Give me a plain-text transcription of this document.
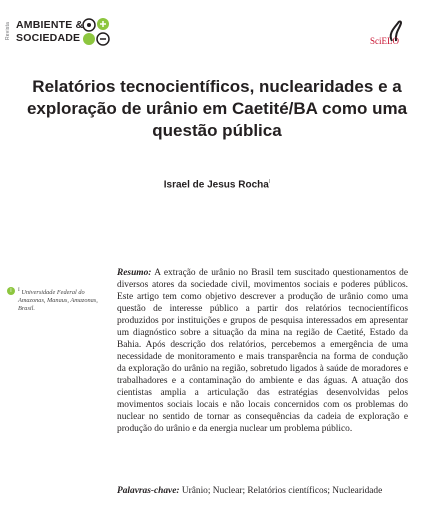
Revista AMBIENTE &
SOCIEDADE	SciELO
Relatórios tecnocientíficos, nuclearidades e a exploração de urânio em Caetité/BA como uma questão pública
Israel de Jesus Rocha$^I$
I	$^I$ Universidade Federal do Amazonas, Manaus, Amazonas, Brasil.

Resumo: A extração de urânio no Brasil tem suscitado questionamentos de diversos atores da sociedade civil, movimentos sociais e poderes públicos. Este artigo tem como objetivo descrever a produção de urânio como uma questão de interesse público a partir dos relatórios tecnocientíficos produzidos por instituições e grupos de pesquisa interessados em apresentar um diagnóstico sobre a situação da mina na região de Caetité, Estado da Bahia. Após descrição dos relatórios, percebemos a emergência de uma necessidade de monitoramento e mais transparência na forma de condução da exploração do urânio na região, sobretudo ligados à saúde de moradores e trabalhadores e a contaminação do ambiente e das águas. A atuação dos cientistas amplia a articulação das estratégias desenvolvidas pelos movimentos sociais locais e não locais concernidos com os problemas do nuclear no sentido de tornar as consequências da cadeia de exploração e produção do urânio e da energia nuclear um problema público.

Palavras-chave: Urânio; Nuclear; Relatórios científicos; Nuclearidade
